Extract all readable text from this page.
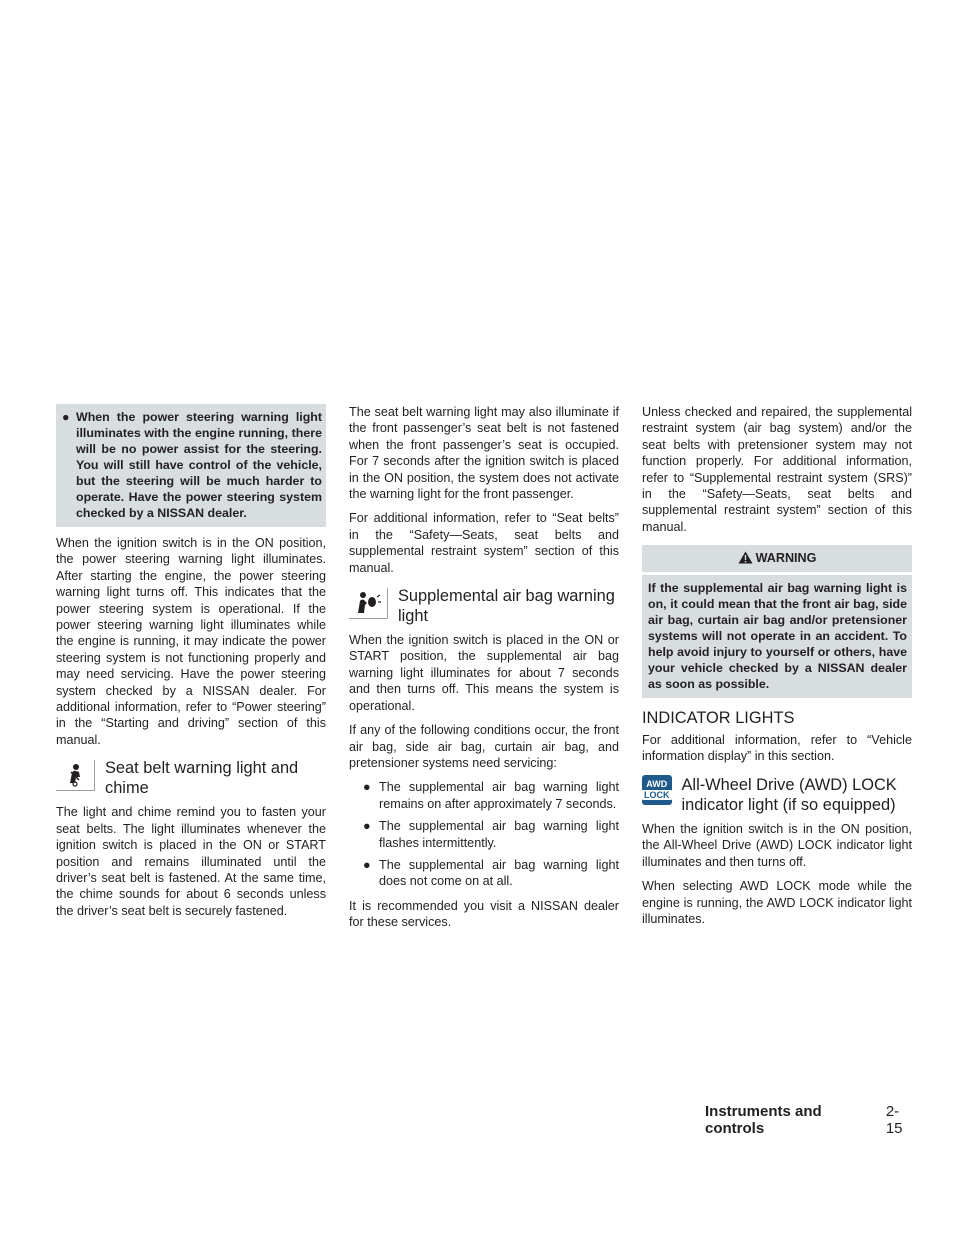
● When the power steering warning light illuminates with the engine running, there will be no power assist for the steering. You will still have control of the vehicle, but the steering will be much harder to operate. Have the power steering system checked by a NISSAN dealer.

When the ignition switch is in the ON position, the power steering warning light illuminates. After starting the engine, the power steering warning light turns off. This indicates that the power steering system is operational. If the power steering warning light illuminates while the engine is running, it may indicate the power steering system is not functioning properly and may need servicing. Have the power steering system checked by a NISSAN dealer. For additional information, refer to “Power steering” in the “Starting and driving” section of this manual.

Seat belt warning light and chime

The light and chime remind you to fasten your seat belts. The light illuminates whenever the ignition switch is placed in the ON or START position and remains illuminated until the driver’s seat belt is fastened. At the same time, the chime sounds for about 6 seconds unless the driver’s seat belt is securely fastened.

The seat belt warning light may also illuminate if the front passenger’s seat belt is not fastened when the front passenger’s seat is occupied. For 7 seconds after the ignition switch is placed in the ON position, the system does not activate the warning light for the front passenger.

For additional information, refer to “Seat belts” in the “Safety—Seats, seat belts and supplemental restraint system” section of this manual.

Supplemental air bag warning light

When the ignition switch is placed in the ON or START position, the supplemental air bag warning light illuminates for about 7 seconds and then turns off. This means the system is operational.

If any of the following conditions occur, the front air bag, side air bag, curtain air bag, and pretensioner systems need servicing:

● The supplemental air bag warning light remains on after approximately 7 seconds.
● The supplemental air bag warning light flashes intermittently.
● The supplemental air bag warning light does not come on at all.

It is recommended you visit a NISSAN dealer for these services.

Unless checked and repaired, the supplemental restraint system (air bag system) and/or the seat belts with pretensioner system may not function properly. For additional information, refer to “Supplemental restraint system (SRS)” in the “Safety—Seats, seat belts and supplemental restraint system” section of this manual.

WARNING
If the supplemental air bag warning light is on, it could mean that the front air bag, side air bag, curtain air bag and/or pretensioner systems will not operate in an accident. To help avoid injury to yourself or others, have your vehicle checked by a NISSAN dealer as soon as possible.
INDICATOR LIGHTS

For additional information, refer to “Vehicle information display” in this section.

AWD
LOCK
All-Wheel Drive (AWD) LOCK indicator light (if so equipped)

When the ignition switch is in the ON position, the All-Wheel Drive (AWD) LOCK indicator light illuminates and then turns off.

When selecting AWD LOCK mode while the engine is running, the AWD LOCK indicator light illuminates.

Instruments and controls
2-15
